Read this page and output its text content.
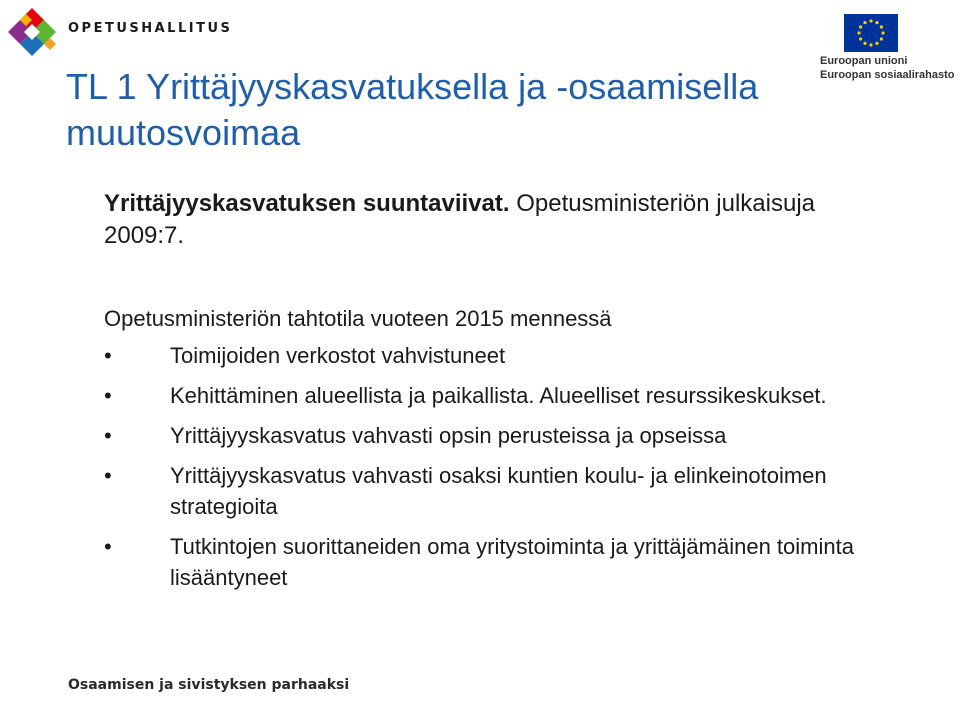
OPETUSHALLITUS
Euroopan unioni
Euroopan sosiaalirahasto
TL 1 Yrittäjyyskasvatuksella ja -osaamisella muutosvoimaa
Yrittäjyyskasvatuksen suuntaviivat. Opetusministeriön julkaisuja 2009:7.
Opetusministeriön tahtotila vuoteen 2015 mennessä
•	Toimijoiden verkostot vahvistuneet
•	Kehittäminen alueellista ja paikallista. Alueelliset resurssikeskukset.
•	Yrittäjyyskasvatus vahvasti opsin perusteissa ja opseissa
•	Yrittäjyyskasvatus vahvasti osaksi kuntien koulu- ja elinkeinotoimen strategioita
•	Tutkintojen suorittaneiden oma yritystoiminta ja yrittäjämäinen toiminta lisääntyneet
Osaamisen ja sivistyksen parhaaksi
